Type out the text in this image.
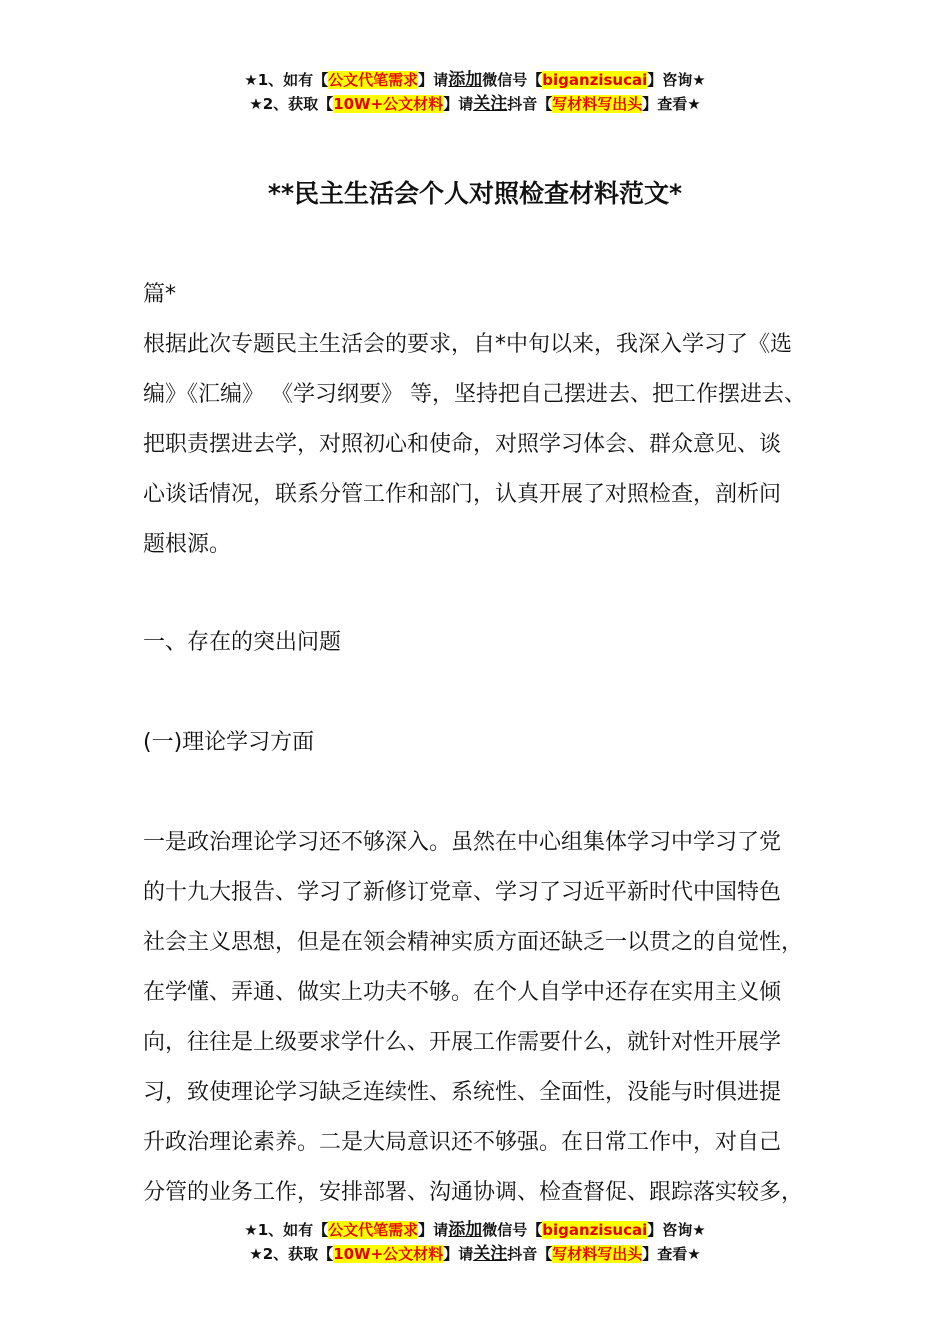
★1、如有【公文代笔需求】请添加微信号【biganzisucai】咨询★
★2、获取【10W+公文材料】请关注抖音【写材料写出头】查看★
**民主生活会个人对照检查材料范文*

篇*

根据此次专题民主生活会的要求，自*中旬以来，我深入学习了《选

编》《汇编》 《学习纲要》 等，坚持把自己摆进去、把工作摆进去、

把职责摆进去学，对照初心和使命，对照学习体会、群众意见、谈

心谈话情况，联系分管工作和部门，认真开展了对照检查，剖析问

题根源。

一、存在的突出问题

(一)理论学习方面

一是政治理论学习还不够深入。虽然在中心组集体学习中学习了党

的十九大报告、学习了新修订党章、学习了习近平新时代中国特色

社会主义思想，但是在领会精神实质方面还缺乏一以贯之的自觉性，

在学懂、弄通、做实上功夫不够。在个人自学中还存在实用主义倾

向，往往是上级要求学什么、开展工作需要什么，就针对性开展学

习，致使理论学习缺乏连续性、系统性、全面性，没能与时俱进提

升政治理论素养。二是大局意识还不够强。在日常工作中，对自己

分管的业务工作，安排部署、沟通协调、检查督促、跟踪落实较多，

★1、如有【公文代笔需求】请添加微信号【biganzisucai】咨询★
★2、获取【10W+公文材料】请关注抖音【写材料写出头】查看★
